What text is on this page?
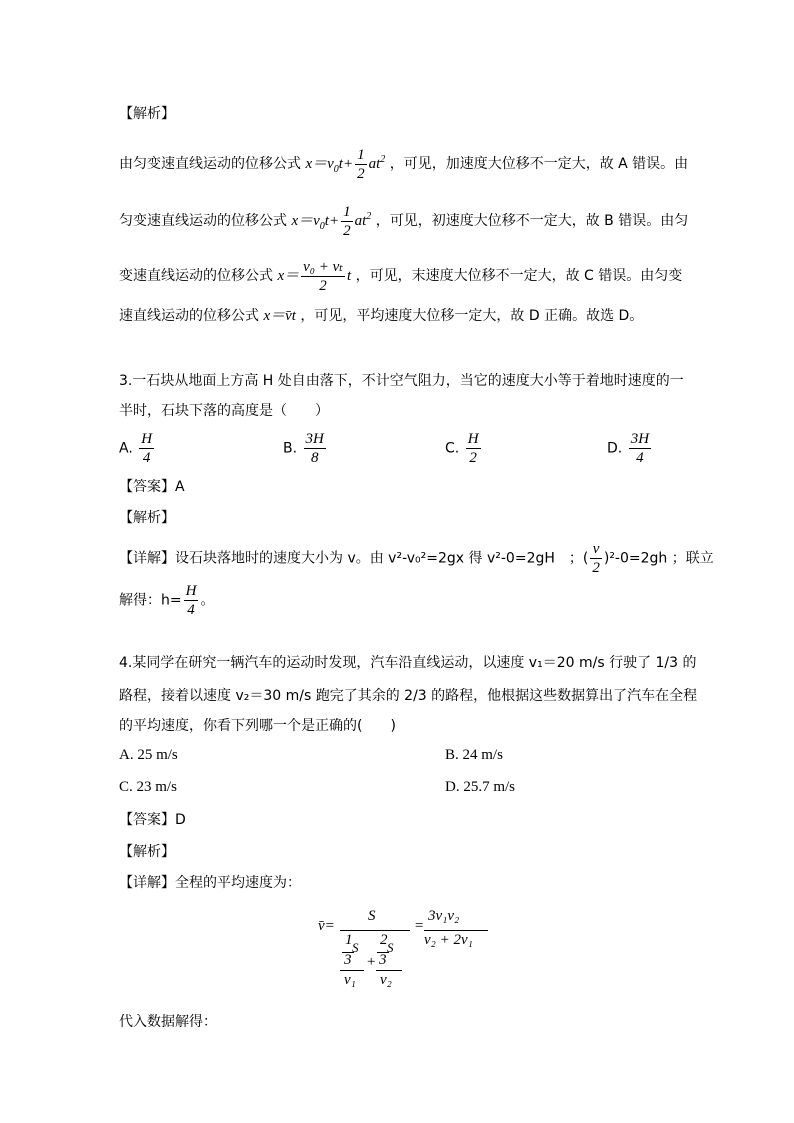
【解析】
由匀变速直线运动的位移公式 $x=v_0t+ \frac{1}{2} at^2$ ，可见，加速度大位移不一定大，故 A 错误。由
匀变速直线运动的位移公式 $x=v_0t+ \frac{1}{2} at^2$ ，可见，初速度大位移不一定大，故 B 错误。由匀
变速直线运动的位移公式 $x= \frac{\text{v₀ + vₜ}}{2}$ t ，可见，末速度大位移不一定大，故 C 错误。由匀变
速直线运动的位移公式 x＝v̄t ，可见，平均速度大位移一定大，故 D 正确。故选 D。
3.一石块从地面上方高 H 处自由落下，不计空气阻力，当它的速度大小等于着地时速度的一
半时，石块下落的高度是（　　）
A. $\frac{H}{4}$	B. $\frac{3H}{8}$	C. $\frac{H}{2}$	D. $\frac{3H}{4}$
【答案】A
【解析】
【详解】设石块落地时的速度大小为 v。由 v²-v₀²=2gx 得 v²-0=2gH　；( $\frac{v}{2} )^2-0=2gh$ ；联立
解得：$h= \frac{H}{4}$ 。
4.某同学在研究一辆汽车的运动时发现，汽车沿直线运动，以速度 v₁＝20 m/s 行驶了 1/3 的
路程，接着以速度 v₂＝30 m/s 跑完了其余的 2/3 的路程，他根据这些数据算出了汽车在全程
的平均速度，你看下列哪一个是正确的(　　)
A. 25 m/s	B. 24 m/s
C. 23 m/s	D. 25.7 m/s
【答案】D
【解析】
【详解】全程的平均速度为：
v̄=
S
1 S
3
v₁
+
2 S
3
v₂
=
3v₁v₂
v₂ + 2v₁
代入数据解得：
